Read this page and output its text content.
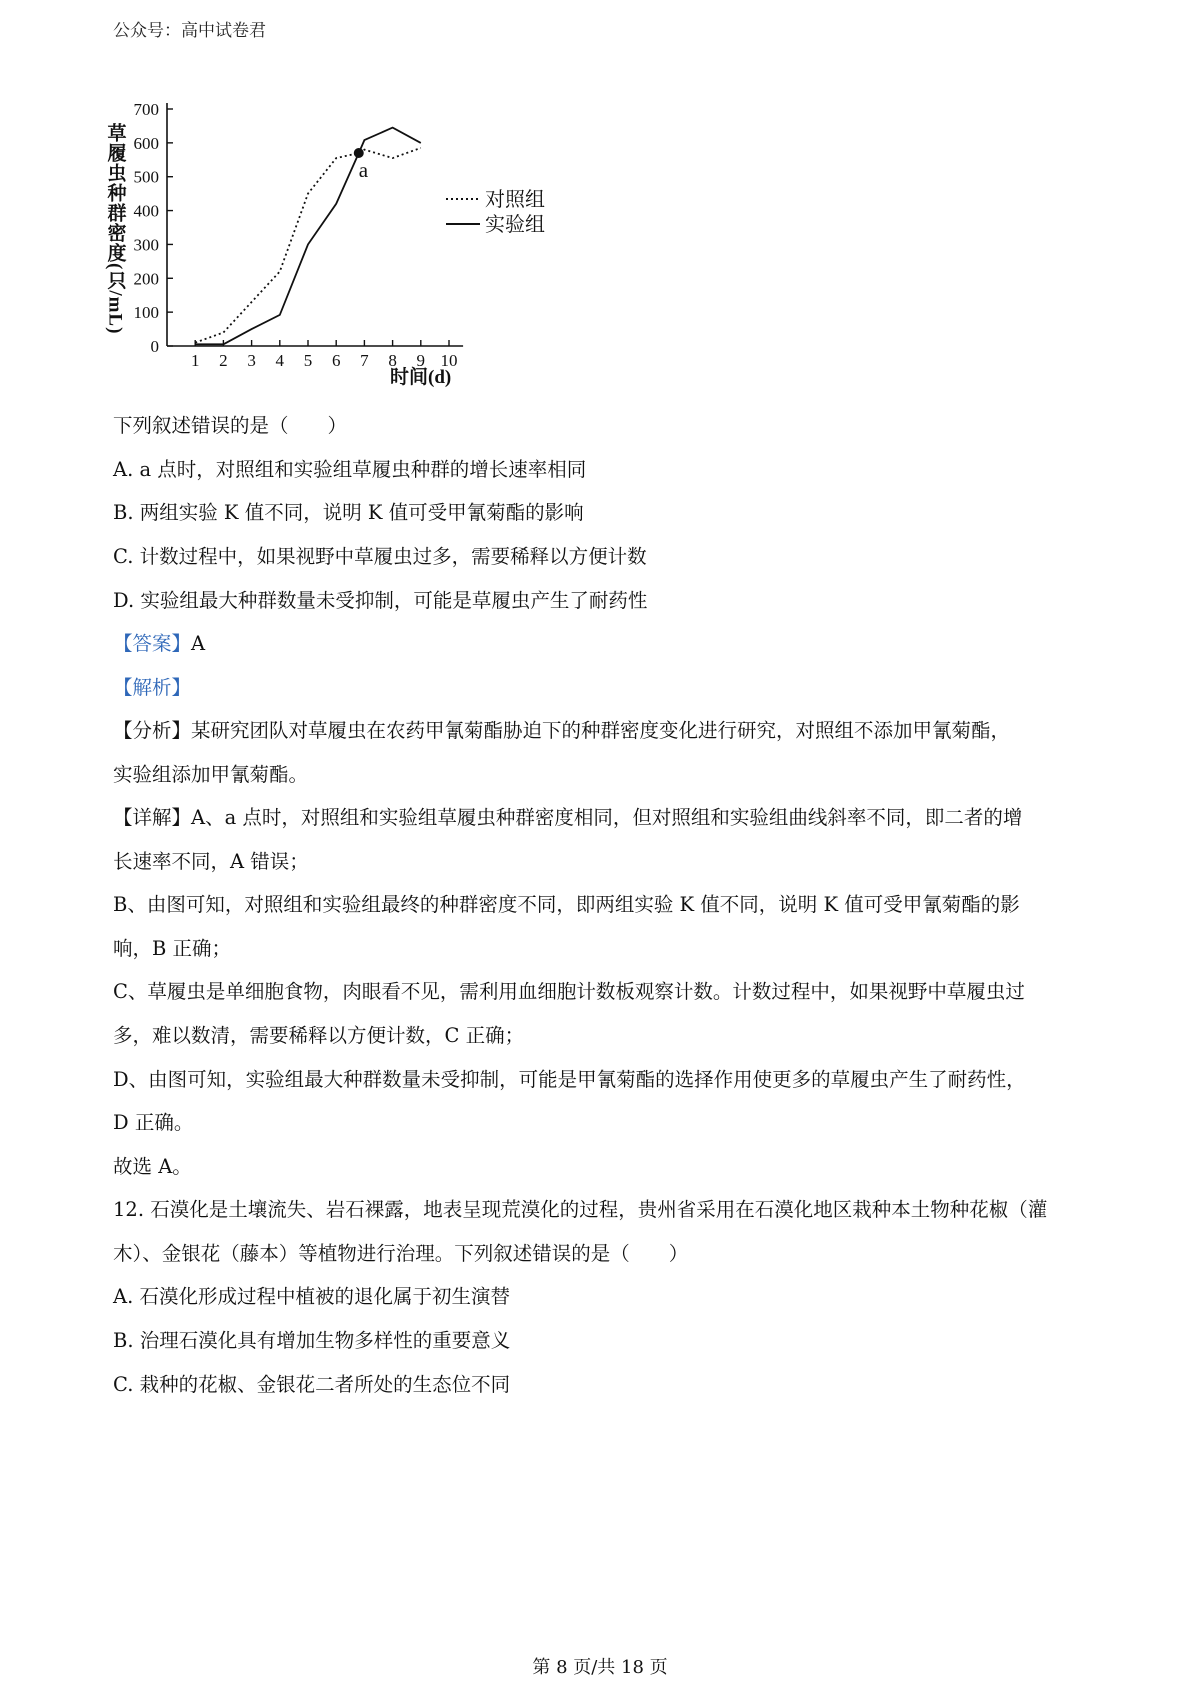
公众号：高中试卷君
0
100
200
300
400
500
600
700
1 2 3 4 5 6 7 8 9 10
草履虫种群密度(只/mL)
时间(d)
a
对照组
实验组
下列叙述错误的是（　　）
A. a 点时，对照组和实验组草履虫种群的增长速率相同
B. 两组实验 K 值不同，说明 K 值可受甲氰菊酯的影响
C. 计数过程中，如果视野中草履虫过多，需要稀释以方便计数
D. 实验组最大种群数量未受抑制，可能是草履虫产生了耐药性
【答案】A
【解析】
【分析】某研究团队对草履虫在农药甲氰菊酯胁迫下的种群密度变化进行研究，对照组不添加甲氰菊酯，
实验组添加甲氰菊酯。
【详解】A、a 点时，对照组和实验组草履虫种群密度相同，但对照组和实验组曲线斜率不同，即二者的增
长速率不同，A 错误；
B、由图可知，对照组和实验组最终的种群密度不同，即两组实验 K 值不同，说明 K 值可受甲氰菊酯的影
响，B 正确；
C、草履虫是单细胞食物，肉眼看不见，需利用血细胞计数板观察计数。计数过程中，如果视野中草履虫过
多，难以数清，需要稀释以方便计数，C 正确；
D、由图可知，实验组最大种群数量未受抑制，可能是甲氰菊酯的选择作用使更多的草履虫产生了耐药性，
D 正确。
故选 A。
12. 石漠化是土壤流失、岩石裸露，地表呈现荒漠化的过程，贵州省采用在石漠化地区栽种本土物种花椒（灌
木）、金银花（藤本）等植物进行治理。下列叙述错误的是（　　）
A. 石漠化形成过程中植被的退化属于初生演替
B. 治理石漠化具有增加生物多样性的重要意义
C. 栽种的花椒、金银花二者所处的生态位不同
第 8 页/共 18 页
